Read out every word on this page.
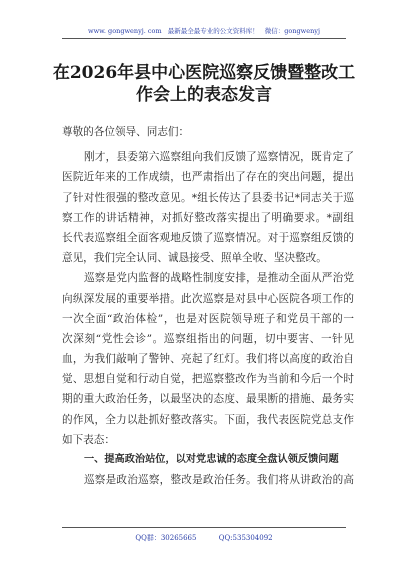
www. gongwenyj. com 最新最全最专业的公文资料库！ 微信：gongwenyj
在2026年县中心医院巡察反馈暨整改工
作会上的表态发言
尊敬的各位领导、同志们：
刚才，县委第六巡察组向我们反馈了巡察情况，既肯定了
医院近年来的工作成绩，也严肃指出了存在的突出问题，提出
了针对性很强的整改意见。*组长传达了县委书记*同志关于巡
察工作的讲话精神，对抓好整改落实提出了明确要求。*副组
长代表巡察组全面客观地反馈了巡察情况。对于巡察组反馈的
意见，我们完全认同、诚恳接受、照单全收、坚决整改。
巡察是党内监督的战略性制度安排，是推动全面从严治党
向纵深发展的重要举措。此次巡察是对县中心医院各项工作的
一次全面“政治体检”，也是对医院领导班子和党员干部的一
次深刻“党性会诊”。巡察组指出的问题，切中要害、一针见
血，为我们敲响了警钟、亮起了红灯。我们将以高度的政治自
觉、思想自觉和行动自觉，把巡察整改作为当前和今后一个时
期的重大政治任务，以最坚决的态度、最果断的措施、最务实
的作风，全力以赴抓好整改落实。下面，我代表医院党总支作
如下表态：
一、提高政治站位，以对党忠诚的态度全盘认领反馈问题
巡察是政治巡察，整改是政治任务。我们将从讲政治的高
QQ群：30265665	QQ:535304092
